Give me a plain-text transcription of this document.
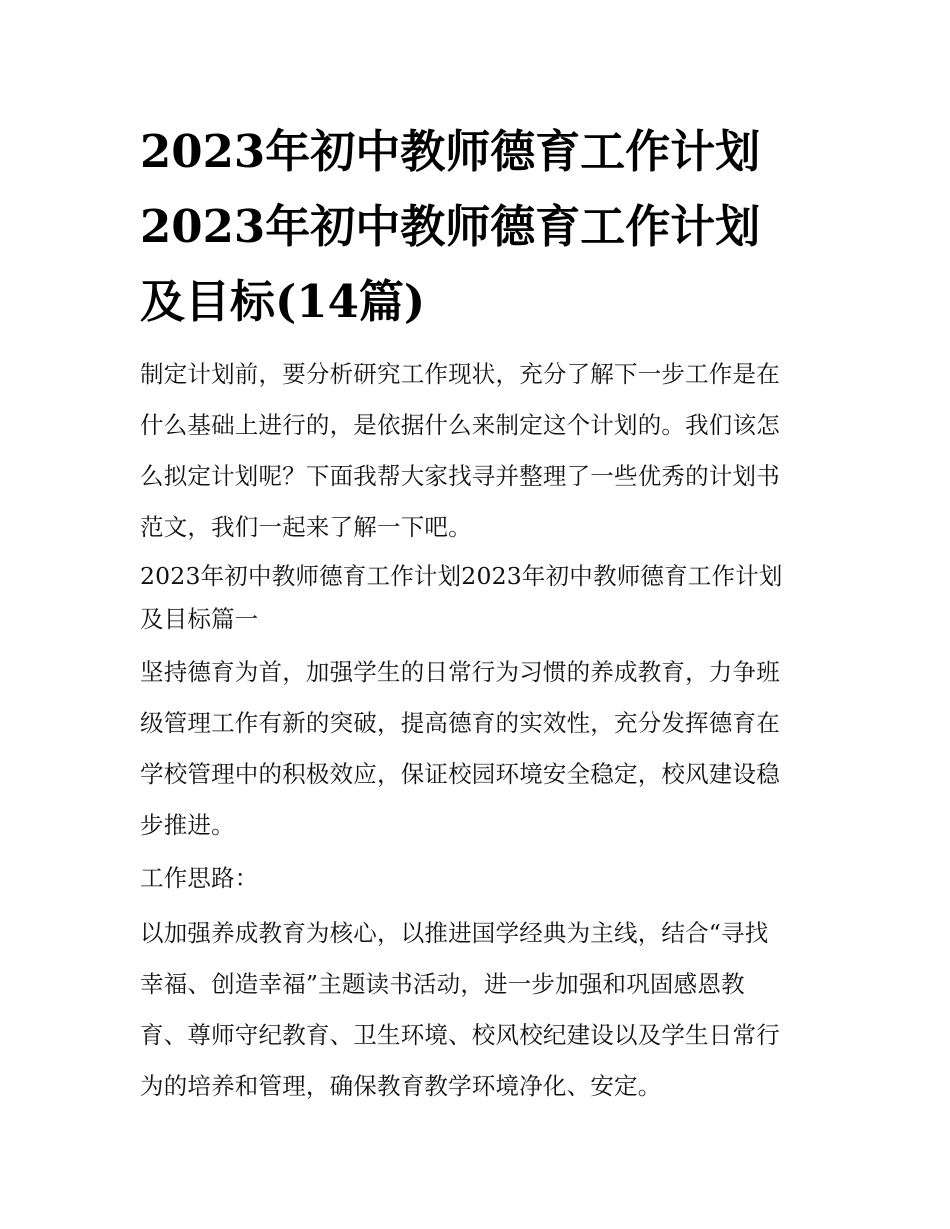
2023年初中教师德育工作计划
2023年初中教师德育工作计划
及目标(14篇)

制定计划前，要分析研究工作现状，充分了解下一步工作是在

什么基础上进行的，是依据什么来制定这个计划的。我们该怎

么拟定计划呢？下面我帮大家找寻并整理了一些优秀的计划书

范文，我们一起来了解一下吧。

2023年初中教师德育工作计划2023年初中教师德育工作计划

及目标篇一

坚持德育为首，加强学生的日常行为习惯的养成教育，力争班

级管理工作有新的突破，提高德育的实效性，充分发挥德育在

学校管理中的积极效应，保证校园环境安全稳定，校风建设稳

步推进。

工作思路：

以加强养成教育为核心，以推进国学经典为主线，结合“寻找

幸福、创造幸福”主题读书活动，进一步加强和巩固感恩教

育、尊师守纪教育、卫生环境、校风校纪建设以及学生日常行

为的培养和管理，确保教育教学环境净化、安定。
